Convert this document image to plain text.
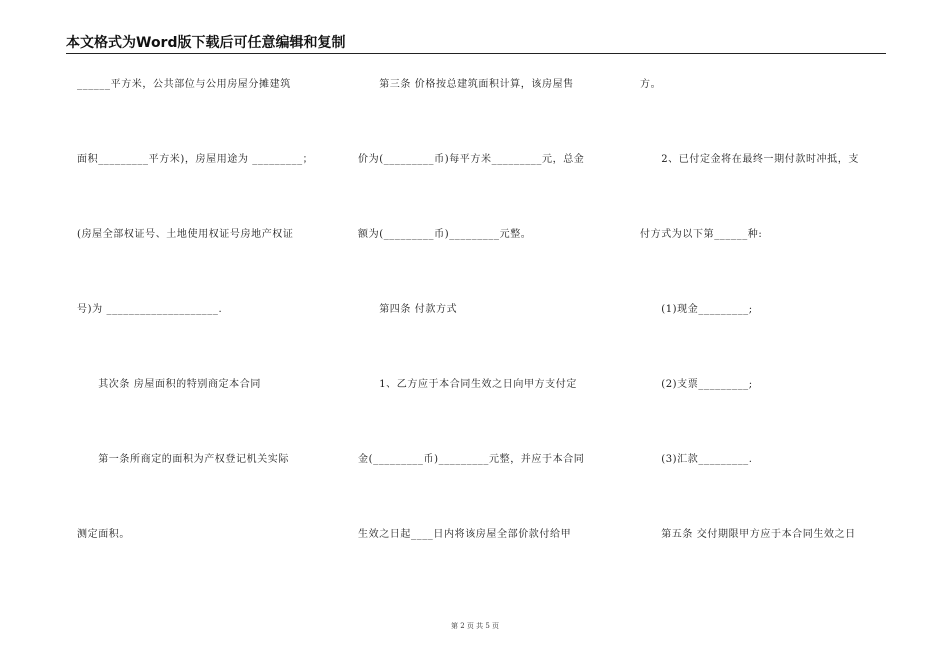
本文格式为Word版下载后可任意编辑和复制
______平方米，公共部位与公用房屋分摊建筑
面积_________平方米)，房屋用途为 _________；
(房屋全部权证号、土地使用权证号房地产权证
号)为 ____________________.
　　其次条 房屋面积的特别商定本合同
　　第一条所商定的面积为产权登记机关实际
测定面积。
　　第三条 价格按总建筑面积计算，该房屋售
价为(_________币)每平方米_________元，总金
额为(_________币)_________元整。
　　第四条 付款方式
　　1、乙方应于本合同生效之日向甲方支付定
金(_________币)_________元整，并应于本合同
生效之日起____日内将该房屋全部价款付给甲
方。
　　2、已付定金将在最终一期付款时冲抵，支
付方式为以下第______种:
　　(1)现金_________;
　　(2)支票_________;
　　(3)汇款_________.
　　第五条 交付期限甲方应于本合同生效之日
第 2 页 共 5 页
